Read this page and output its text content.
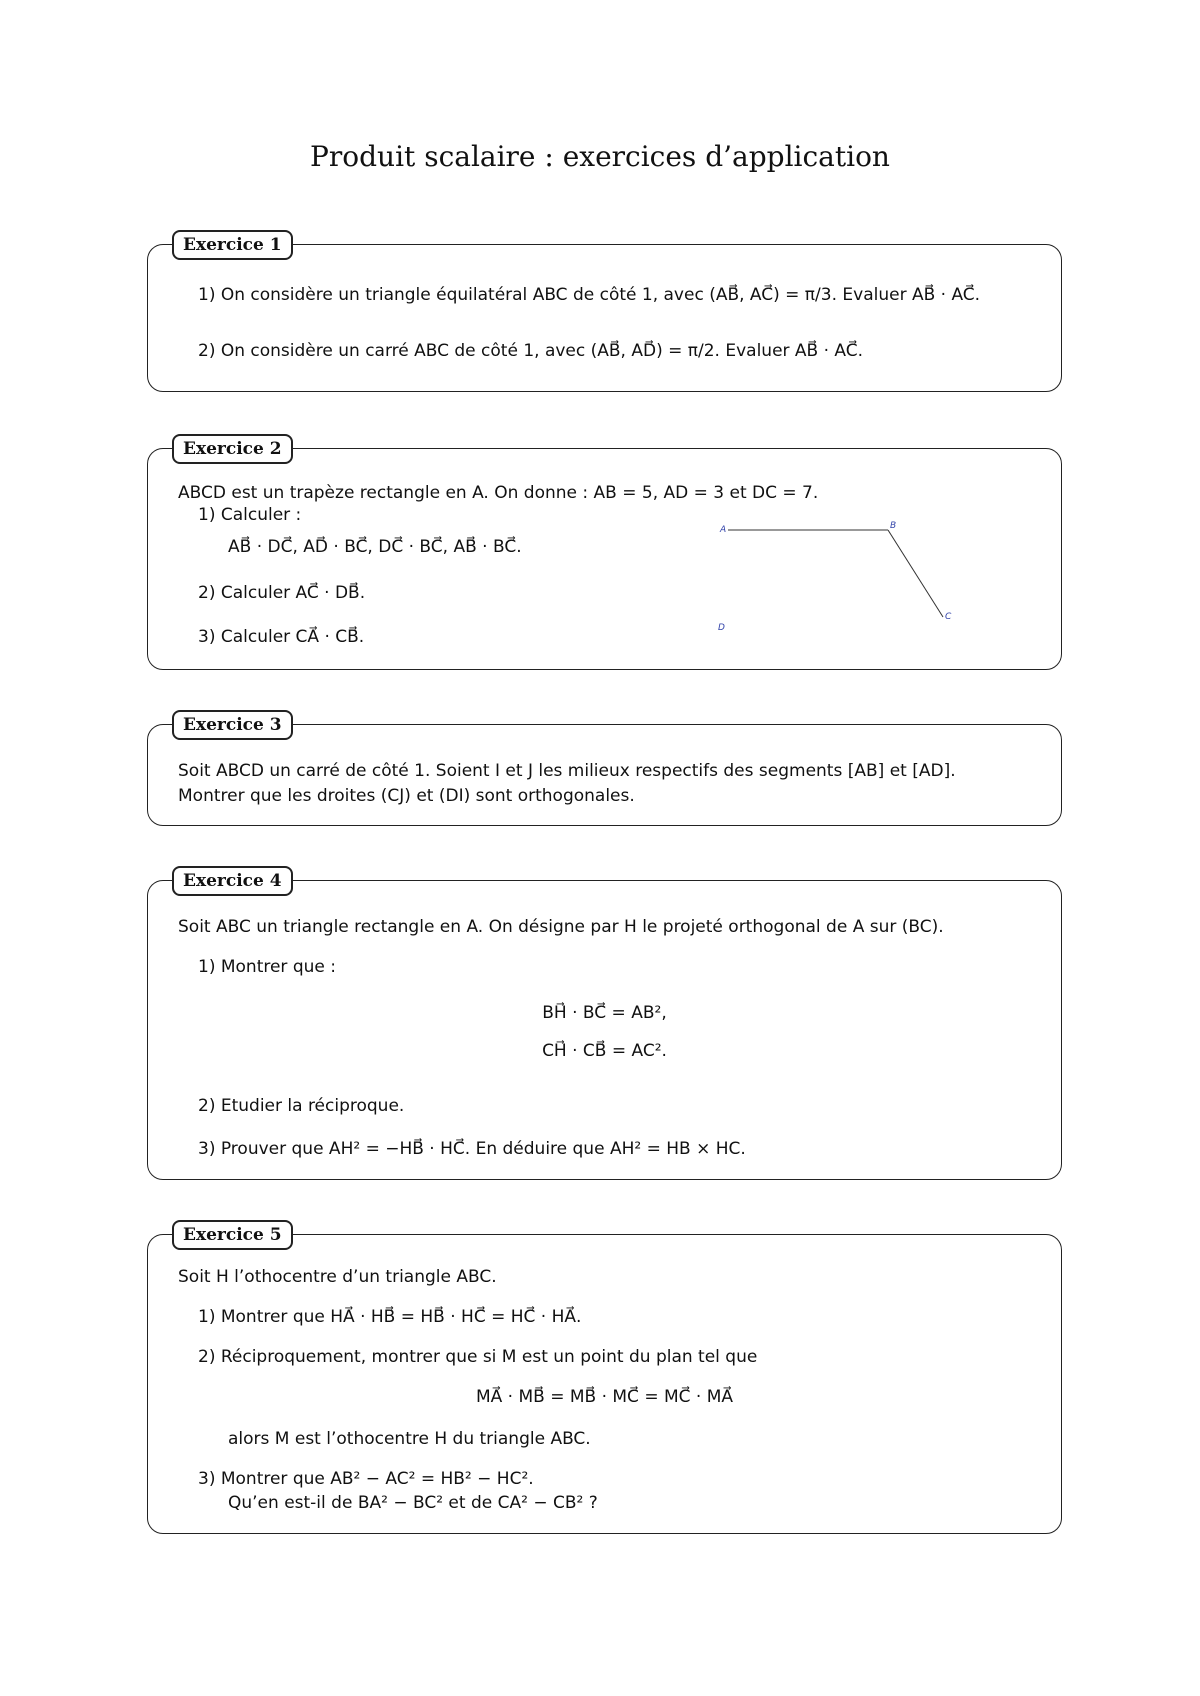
Produit scalaire : exercices d’application
Exercice 1
1) On considère un triangle équilatéral ABC de côté 1, avec (AB⃗, AC⃗) = π/3. Evaluer AB⃗ · AC⃗.
2) On considère un carré ABC de côté 1, avec (AB⃗, AD⃗) = π/2. Evaluer AB⃗ · AC⃗.
Exercice 2
ABCD est un trapèze rectangle en A. On donne : AB = 5, AD = 3 et DC = 7.
1) Calculer :
AB⃗ · DC⃗, AD⃗ · BC⃗, DC⃗ · BC⃗, AB⃗ · BC⃗.
2) Calculer AC⃗ · DB⃗.
3) Calculer CA⃗ · CB⃗.
A	B
C
D
Exercice 3
Soit ABCD un carré de côté 1. Soient I et J les milieux respectifs des segments [AB] et [AD].
Montrer que les droites (CJ) et (DI) sont orthogonales.
Exercice 4
Soit ABC un triangle rectangle en A. On désigne par H le projeté orthogonal de A sur (BC).
1) Montrer que :
BH⃗ · BC⃗ = AB²,
CH⃗ · CB⃗ = AC².
2) Etudier la réciproque.
3) Prouver que AH² = −HB⃗ · HC⃗. En déduire que AH² = HB × HC.
Exercice 5
Soit H l’othocentre d’un triangle ABC.
1) Montrer que HA⃗ · HB⃗ = HB⃗ · HC⃗ = HC⃗ · HA⃗.
2) Réciproquement, montrer que si M est un point du plan tel que
MA⃗ · MB⃗ = MB⃗ · MC⃗ = MC⃗ · MA⃗
alors M est l’othocentre H du triangle ABC.
3) Montrer que AB² − AC² = HB² − HC².
Qu’en est-il de BA² − BC² et de CA² − CB² ?
